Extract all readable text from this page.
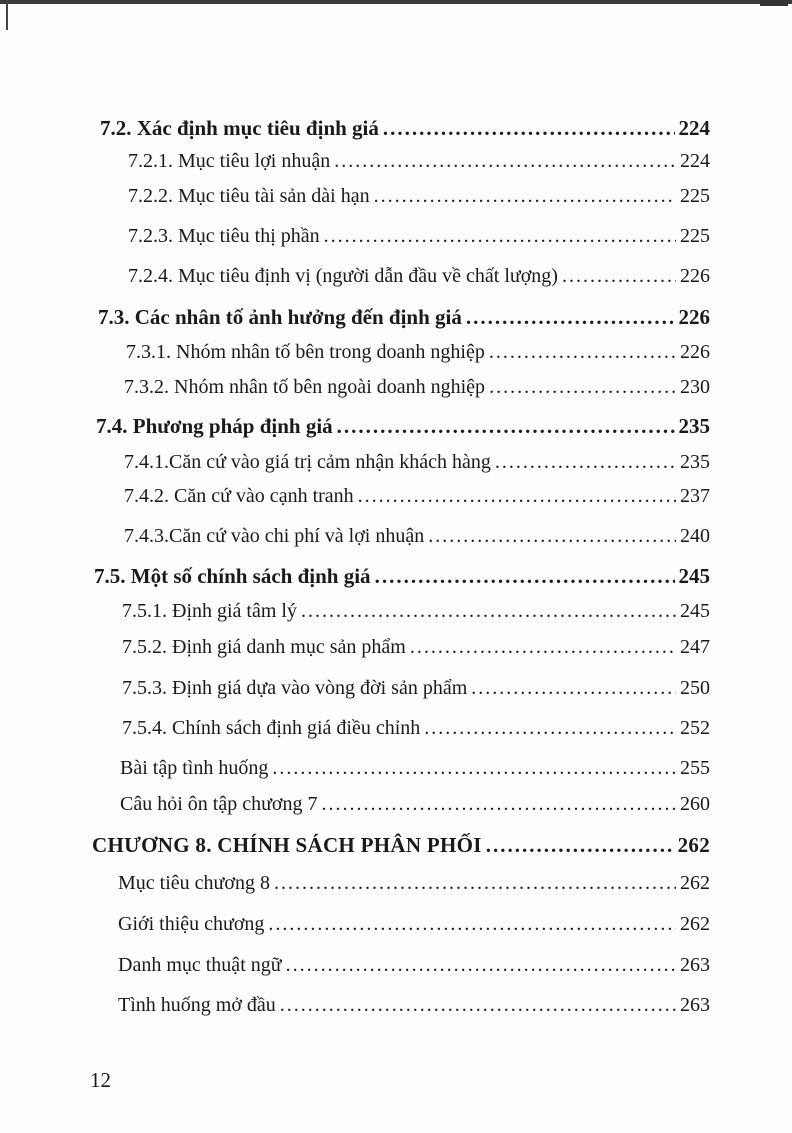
7.2. Xác định mục tiêu định giá .....	224
7.2.1. Mục tiêu lợi nhuận .....	224
7.2.2. Mục tiêu tài sản dài hạn .....	225
7.2.3. Mục tiêu thị phần .....	225
7.2.4. Mục tiêu định vị (người dẫn đầu về chất lượng) .....	226
7.3. Các nhân tố ảnh hưởng đến định giá .....	226
7.3.1. Nhóm nhân tố bên trong doanh nghiệp .....	226
7.3.2. Nhóm nhân tố bên ngoài doanh nghiệp .....	230
7.4. Phương pháp định giá .....	235
7.4.1.Căn cứ vào giá trị cảm nhận khách hàng .....	235
7.4.2. Căn cứ vào cạnh tranh .....	237
7.4.3.Căn cứ vào chi phí và lợi nhuận .....	240
7.5. Một số chính sách định giá .....	245
7.5.1. Định giá tâm lý .....	245
7.5.2. Định giá danh mục sản phẩm .....	247
7.5.3. Định giá dựa vào vòng đời sản phẩm .....	250
7.5.4. Chính sách định giá điều chỉnh .....	252
Bài tập tình huống .....	255
Câu hỏi ôn tập chương 7 .....	260
CHƯƠNG 8. CHÍNH SÁCH PHÂN PHỐI .....	262
Mục tiêu chương 8 .....	262
Giới thiệu chương .....	262
Danh mục thuật ngữ .....	263
Tình huống mở đầu .....	263
12
